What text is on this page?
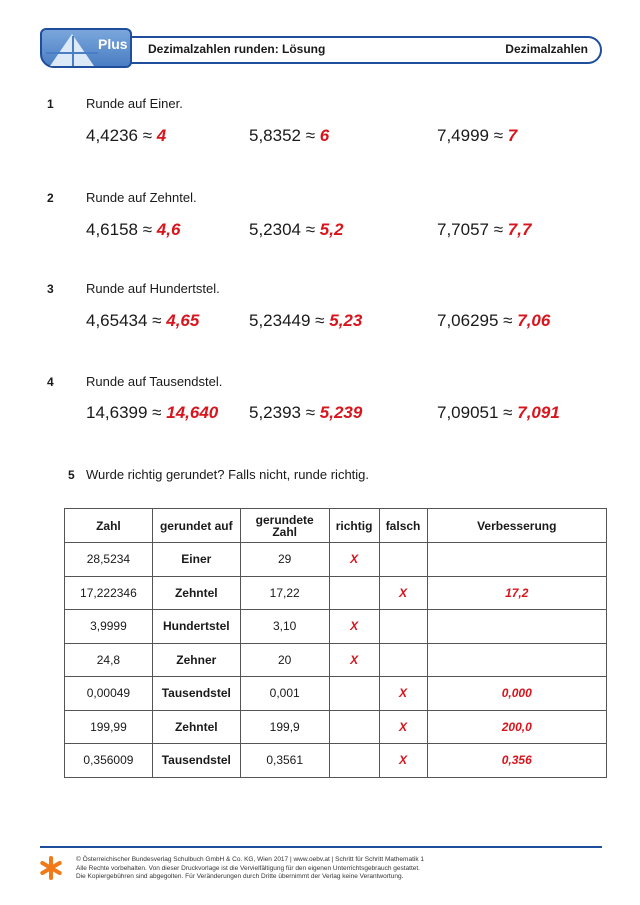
Plus Dezimalzahlen runden: Lösung	Dezimalzahlen
1 Runde auf Einer.
4,4236 ≈ 4	5,8352 ≈ 6	7,4999 ≈ 7
2 Runde auf Zehntel.
4,6158 ≈ 4,6	5,2304 ≈ 5,2	7,7057 ≈ 7,7
3 Runde auf Hundertstel.
4,65434 ≈ 4,65	5,23449 ≈ 5,23	7,06295 ≈ 7,06
4 Runde auf Tausendstel.
14,6399 ≈ 14,640 5,2393 ≈ 5,239	7,09051 ≈ 7,091
5 Wurde richtig gerundet? Falls nicht, runde richtig.
Zahl	gerundet auf	gerundete Zahl	richtig	falsch	Verbesserung
28,5234	Einer	29	X		
17,222346	Zehntel	17,22		X	17,2
3,9999	Hundertstel	3,10	X		
24,8	Zehner	20	X		
0,00049	Tausendstel	0,001		X	0,000
199,99	Zehntel	199,9		X	200,0
0,356009	Tausendstel	0,3561		X	0,356
© Österreichischer Bundesverlag Schulbuch GmbH & Co. KG, Wien 2017 | www.oebv.at | Schritt für Schritt Mathematik 1
Alle Rechte vorbehalten. Von dieser Druckvorlage ist die Vervielfältigung für den eigenen Unterrichtsgebrauch gestattet.
Die Kopiergebühren sind abgegolten. Für Veränderungen durch Dritte übernimmt der Verlag keine Verantwortung.
